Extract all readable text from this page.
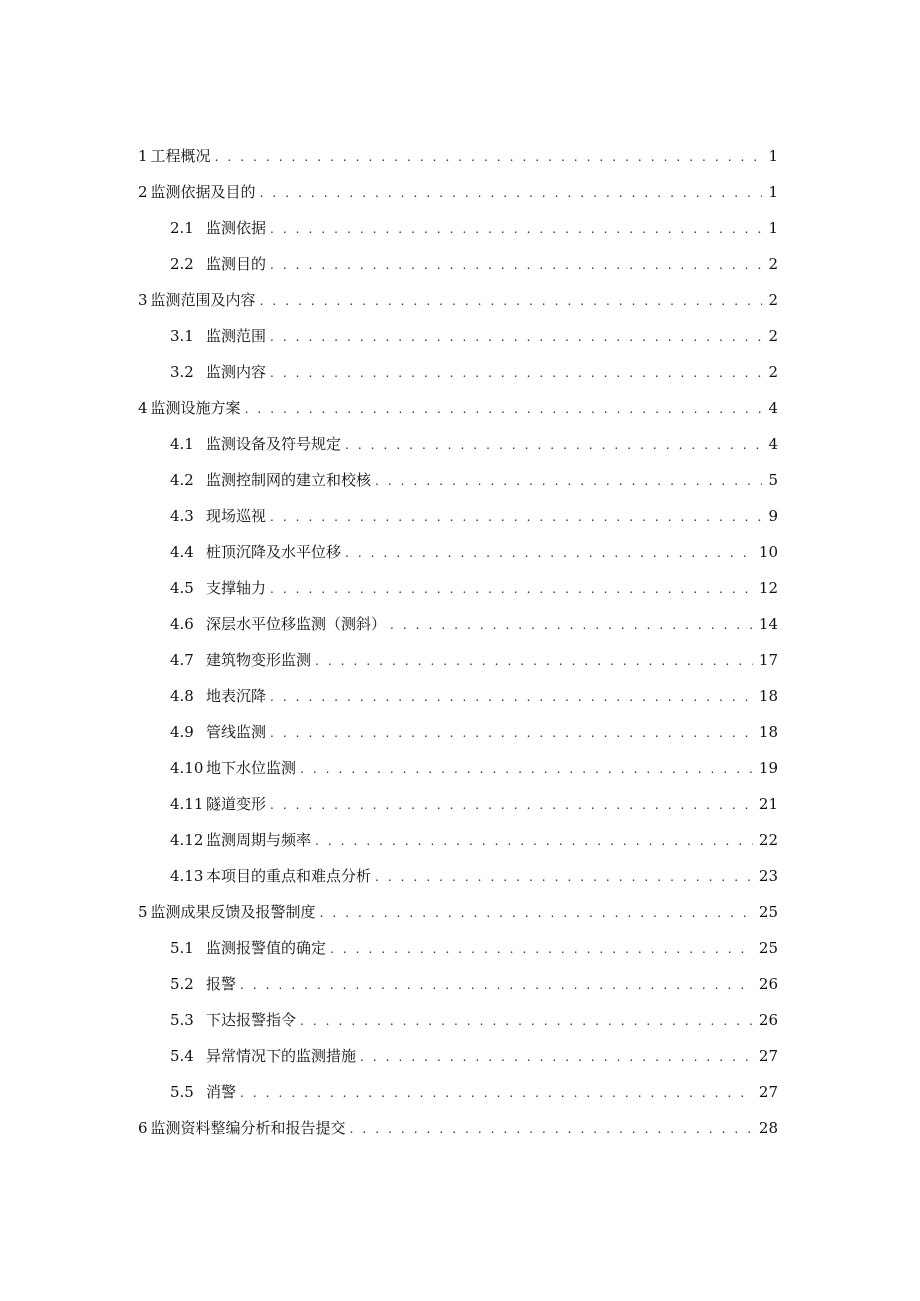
1 工程概况 . . .	1
2 监测依据及目的 . . .	1
2.1 监测依据 . . .	1
2.2 监测目的 . . .	2
3 监测范围及内容 . . .	2
3.1 监测范围 . . .	2
3.2 监测内容 . . .	2
4 监测设施方案 . . .	4
4.1 监测设备及符号规定 . . .	4
4.2 监测控制网的建立和校核 . . .	5
4.3 现场巡视 . . .	9
4.4 桩顶沉降及水平位移 . . .	10
4.5 支撑轴力 . . .	12
4.6 深层水平位移监测（测斜） . . .	14
4.7 建筑物变形监测 . . .	17
4.8 地表沉降 . . .	18
4.9 管线监测 . . .	18
4.10 地下水位监测 . . .	19
4.11 隧道变形 . . .	21
4.12 监测周期与频率 . . .	22
4.13 本项目的重点和难点分析 . . .	23
5 监测成果反馈及报警制度 . . .	25
5.1 监测报警值的确定 . . .	25
5.2 报警 . . .	26
5.3 下达报警指令 . . .	26
5.4 异常情况下的监测措施 . . .	27
5.5 消警 . . .	27
6 监测资料整编分析和报告提交 . . .	28
